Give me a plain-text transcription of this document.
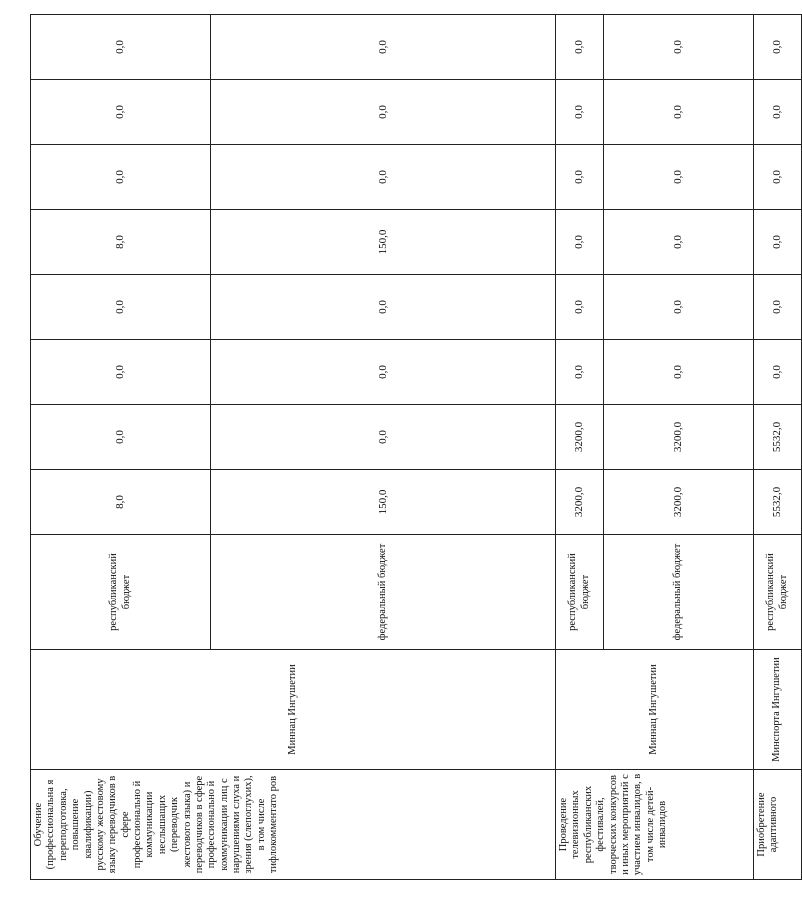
Обучение (профессиональна я переподготовка, повышение квалификации) русскому жестовому языку переводчиков в сфере профессионально й коммуникации неслышащих (переводчик жестового языка) и переводчиков в сфере профессионально й коммуникации лиц с нарушениями слуха и зрения (слепоглухих), в том числе тифлокомментато ров	Миннац Ингушетии	республиканский бюджет	8,0	0,0	0,0	0,0	8,0	0,0	0,0	0,0
		федеральный бюджет	150,0	0,0	0,0	0,0	150,0	0,0	0,0	0,0
Проведение телевизионных республиканских фестивалей, творческих конкурсов и иных мероприятий с участием инвалидов, в том числе детей-инвалидов	Миннац Ингушетии	республиканский бюджет	3200,0	3200,0	0,0	0,0	0,0	0,0	0,0	0,0
		федеральный бюджет	3200,0	3200,0	0,0	0,0	0,0	0,0	0,0	0,0
Приобретение адаптивного	Минспорта Ингушетии	республиканский бюджет	5532,0	5532,0	0,0	0,0	0,0	0,0	0,0	0,0
